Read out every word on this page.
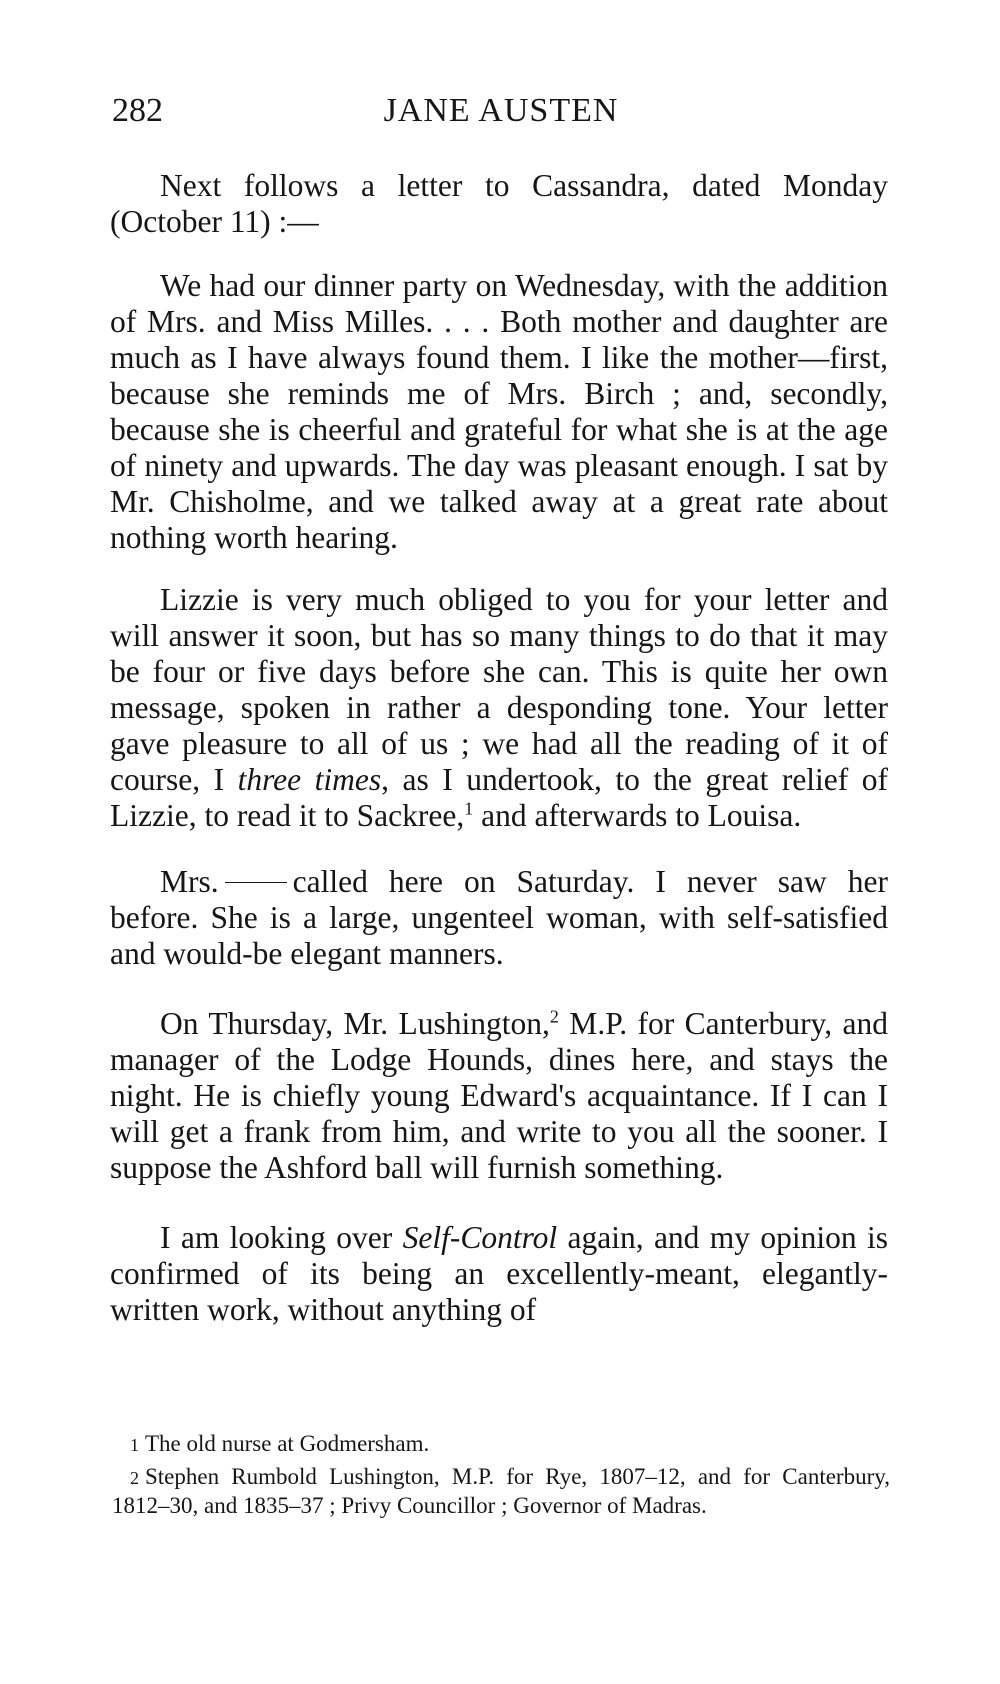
282	JANE AUSTEN

Next follows a letter to Cassandra, dated Monday (October 11) :—

We had our dinner party on Wednesday, with the addition of Mrs. and Miss Milles. . . . Both mother and daughter are much as I have always found them. I like the mother—first, because she reminds me of Mrs. Birch ; and, secondly, because she is cheerful and grateful for what she is at the age of ninety and upwards. The day was pleasant enough. I sat by Mr. Chisholme, and we talked away at a great rate about nothing worth hearing.

Lizzie is very much obliged to you for your letter and will answer it soon, but has so many things to do that it may be four or five days before she can. This is quite her own message, spoken in rather a desponding tone. Your letter gave pleasure to all of us ; we had all the reading of it of course, I three times, as I undertook, to the great relief of Lizzie, to read it to Sackree,$^1$ and afterwards to Louisa.

Mrs. called here on Saturday. I never saw her before. She is a large, ungenteel woman, with self-satisfied and would-be elegant manners.

On Thursday, Mr. Lushington,$^2$ M.P. for Canterbury, and manager of the Lodge Hounds, dines here, and stays the night. He is chiefly young Edward's acquaintance. If I can I will get a frank from him, and write to you all the sooner. I suppose the Ashford ball will furnish something.

I am looking over Self-Control again, and my opinion is confirmed of its being an excellently-meant, elegantly-written work, without anything of

1 The old nurse at Godmersham.

2 Stephen Rumbold Lushington, M.P. for Rye, 1807–12, and for Canterbury, 1812–30, and 1835–37 ; Privy Councillor ; Governor of Madras.
